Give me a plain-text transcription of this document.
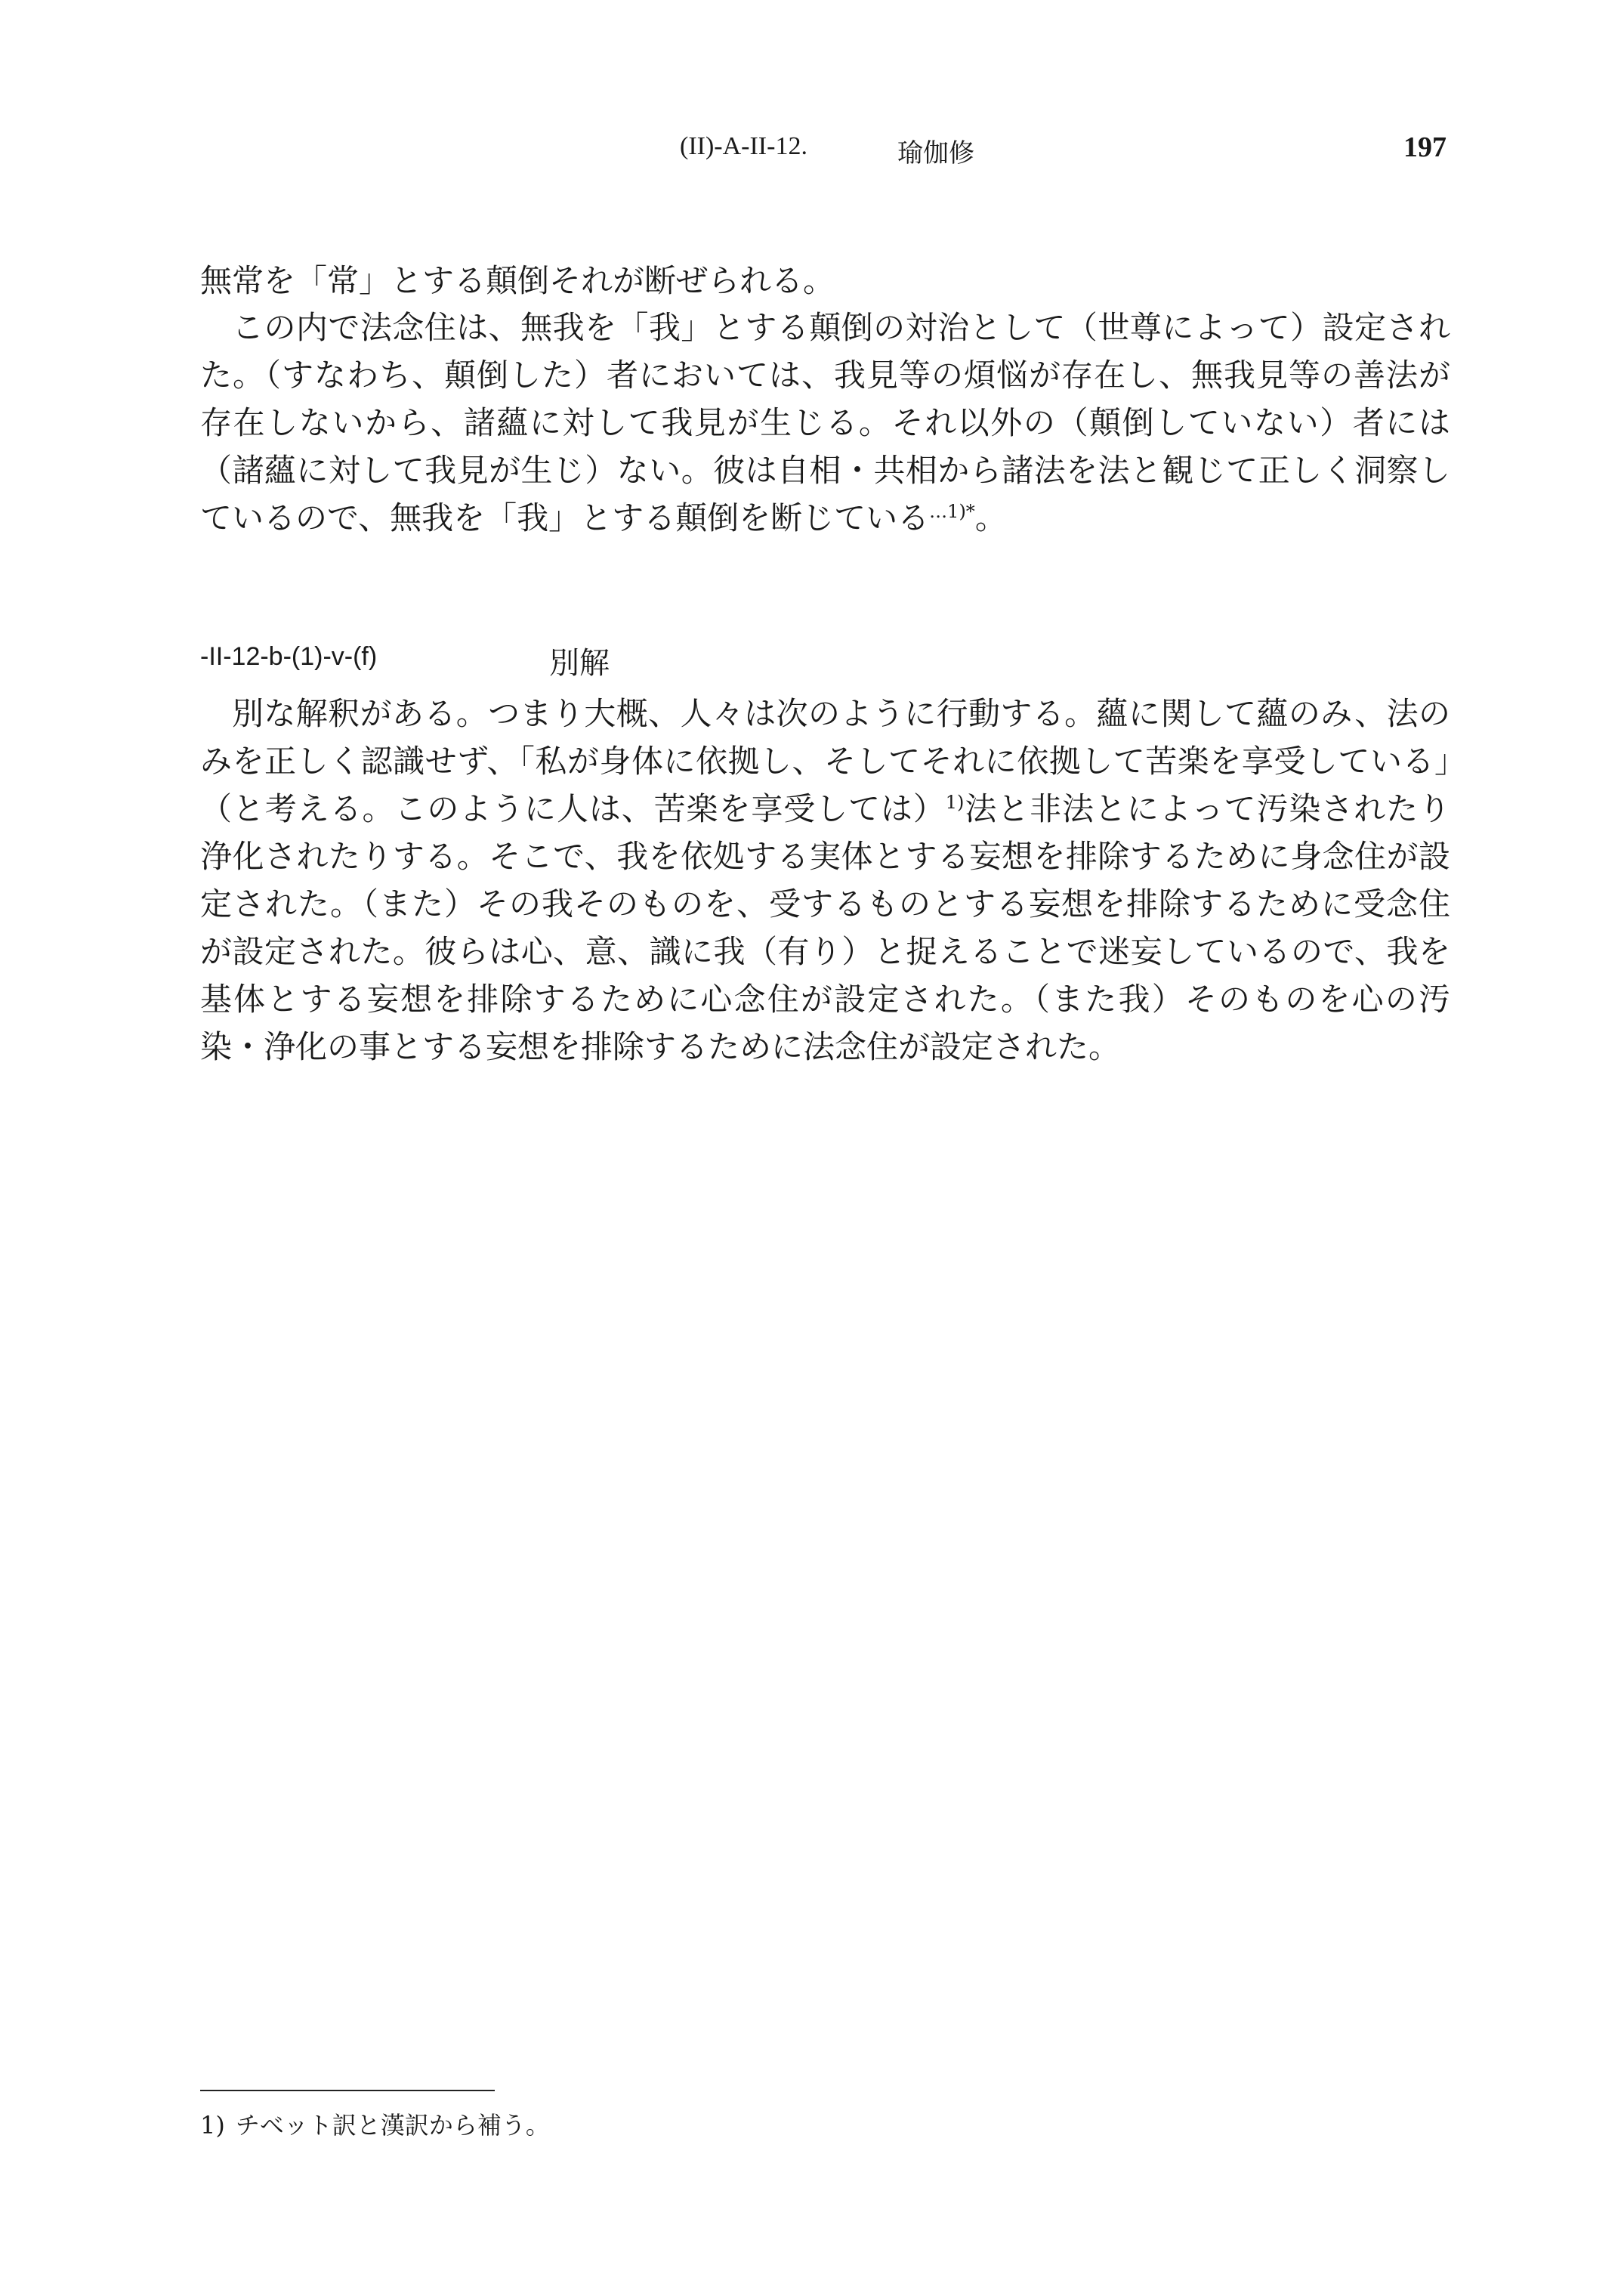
(II)-A-II-12.	瑜伽修	197

無常を「常」とする顛倒それが断ぜられる。

この内で法念住は、無我を「我」とする顛倒の対治として（世尊によって）設定された。（すなわち、顛倒した）者においては、我見等の煩悩が存在し、無我見等の善法が存在しないから、諸蘊に対して我見が生じる。それ以外の（顛倒していない）者には（諸蘊に対して我見が生じ）ない。彼は自相・共相から諸法を法と観じて正しく洞察しているので、無我を「我」とする顛倒を断じている$^{\dots 1)*}$。

-II-12-b-(1)-v-(f)	別解

別な解釈がある。つまり大概、人々は次のように行動する。蘊に関して蘊のみ、法のみを正しく認識せず、「私が身体に依拠し、そしてそれに依拠して苦楽を享受している」（と考える。このように人は、苦楽を享受しては）$^{1)}$法と非法とによって汚染されたり浄化されたりする。そこで、我を依処する実体とする妄想を排除するために身念住が設定された。（また）その我そのものを、受するものとする妄想を排除するために受念住が設定された。彼らは心、意、識に我（有り）と捉えることで迷妄しているので、我を基体とする妄想を排除するために心念住が設定された。（また我）そのものを心の汚染・浄化の事とする妄想を排除するために法念住が設定された。

1) チベット訳と漢訳から補う。
